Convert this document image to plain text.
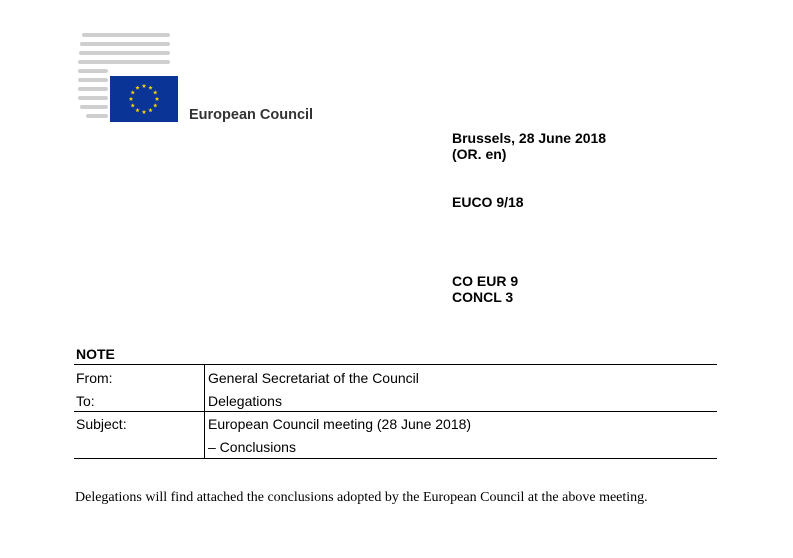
European Council
Brussels, 28 June 2018
(OR. en)
EUCO 9/18
CO EUR 9
CONCL 3
NOTE
From:	General Secretariat of the Council
To:	Delegations
Subject:	European Council meeting (28 June 2018)
– Conclusions
Delegations will find attached the conclusions adopted by the European Council at the above meeting.
